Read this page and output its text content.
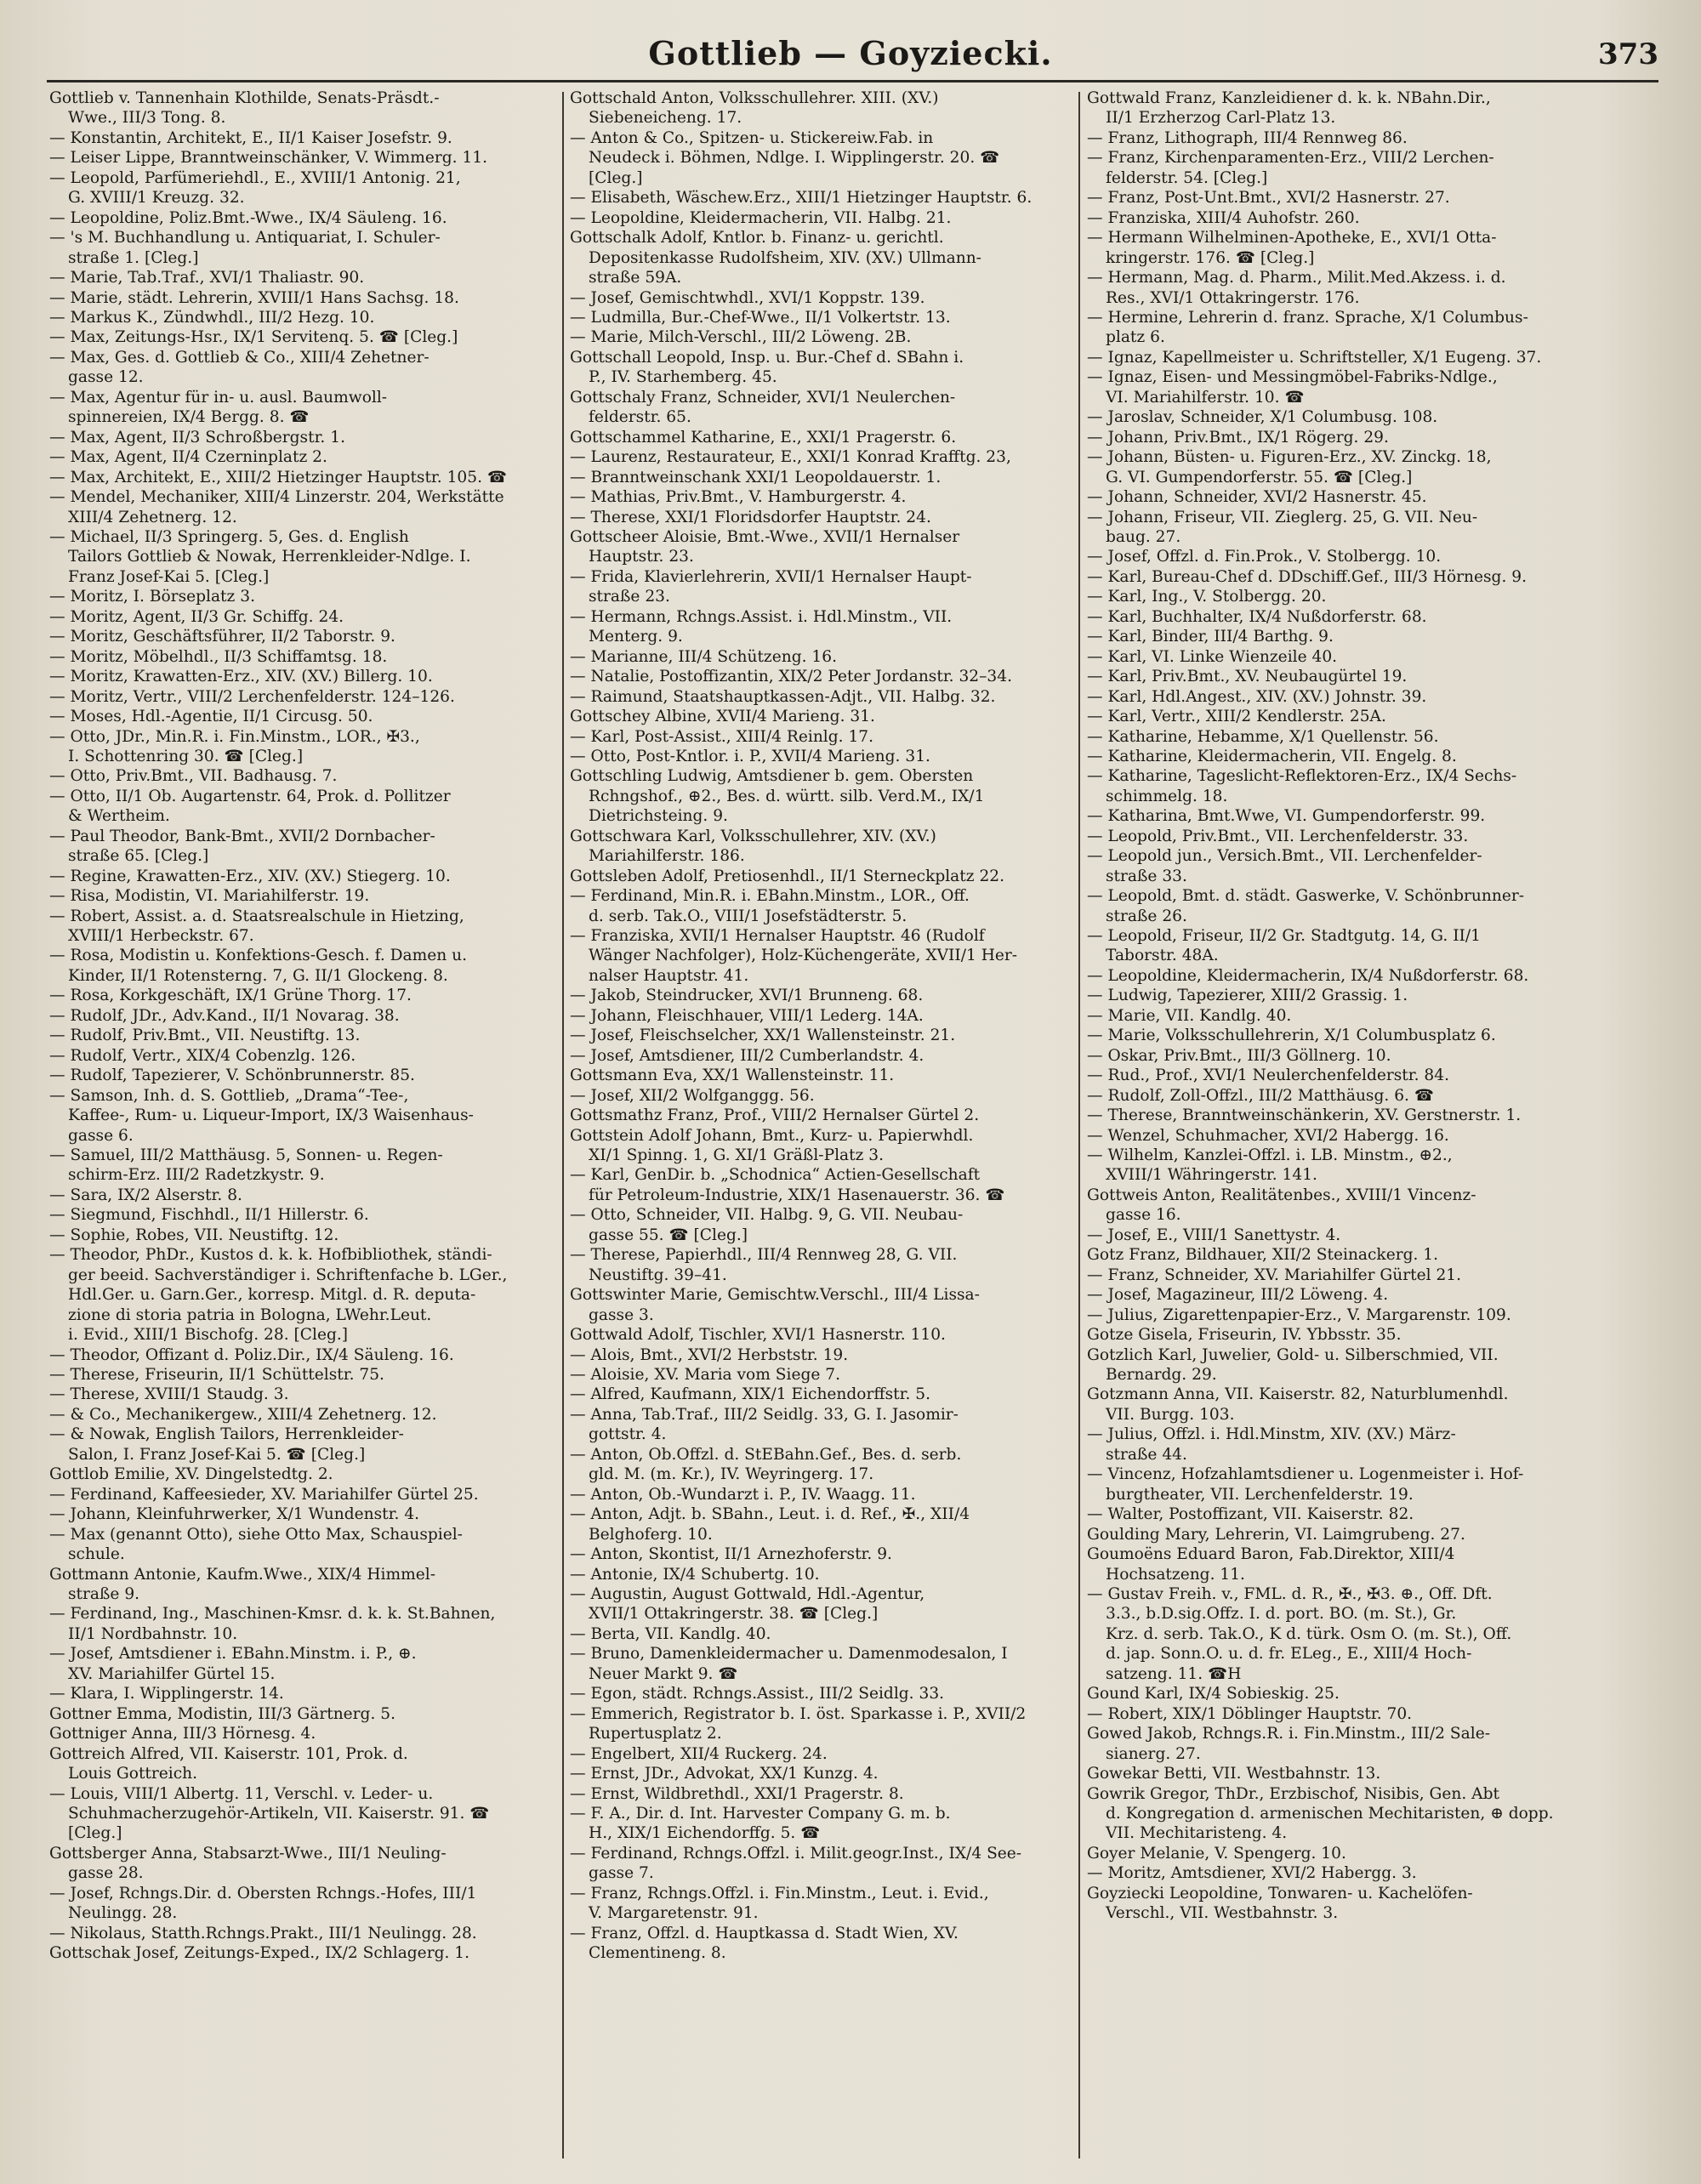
Gottlieb — Goyziecki.	373
Gottlieb v. Tannenhain Klothilde, Senats-Präsdt.-
Wwe., III/3 Tong. 8.
— Konstantin, Architekt, E., II/1 Kaiser Josefstr. 9.
— Leiser Lippe, Branntweinschänker, V. Wimmerg. 11.
— Leopold, Parfümeriehdl., E., XVIII/1 Antonig. 21,
G. XVIII/1 Kreuzg. 32.
— Leopoldine, Poliz.Bmt.-Wwe., IX/4 Säuleng. 16.
— 's M. Buchhandlung u. Antiquariat, I. Schuler-
straße 1. [Cleg.]
— Marie, Tab.Traf., XVI/1 Thaliastr. 90.
— Marie, städt. Lehrerin, XVIII/1 Hans Sachsg. 18.
— Markus K., Zündwhdl., III/2 Hezg. 10.
— Max, Zeitungs-Hsr., IX/1 Servitenq. 5. ☎ [Cleg.]
— Max, Ges. d. Gottlieb & Co., XIII/4 Zehetner-
gasse 12.
— Max, Agentur für in- u. ausl. Baumwoll-
spinnereien, IX/4 Bergg. 8. ☎
— Max, Agent, II/3 Schroßbergstr. 1.
— Max, Agent, II/4 Czerninplatz 2.
— Max, Architekt, E., XIII/2 Hietzinger Hauptstr. 105. ☎
— Mendel, Mechaniker, XIII/4 Linzerstr. 204, Werkstätte
XIII/4 Zehetnerg. 12.
— Michael, II/3 Springerg. 5, Ges. d. English
Tailors Gottlieb & Nowak, Herrenkleider-Ndlge. I.
Franz Josef-Kai 5. [Cleg.]
— Moritz, I. Börseplatz 3.
— Moritz, Agent, II/3 Gr. Schiffg. 24.
— Moritz, Geschäftsführer, II/2 Taborstr. 9.
— Moritz, Möbelhdl., II/3 Schiffamtsg. 18.
— Moritz, Krawatten-Erz., XIV. (XV.) Billerg. 10.
— Moritz, Vertr., VIII/2 Lerchenfelderstr. 124–126.
— Moses, Hdl.-Agentie, II/1 Circusg. 50.
— Otto, JDr., Min.R. i. Fin.Minstm., LOR., ✠3.,
I. Schottenring 30. ☎ [Cleg.]
— Otto, Priv.Bmt., VII. Badhausg. 7.
— Otto, II/1 Ob. Augartenstr. 64, Prok. d. Pollitzer
& Wertheim.
— Paul Theodor, Bank-Bmt., XVII/2 Dornbacher-
straße 65. [Cleg.]
— Regine, Krawatten-Erz., XIV. (XV.) Stiegerg. 10.
— Risa, Modistin, VI. Mariahilferstr. 19.
— Robert, Assist. a. d. Staatsrealschule in Hietzing,
XVIII/1 Herbeckstr. 67.
— Rosa, Modistin u. Konfektions-Gesch. f. Damen u.
Kinder, II/1 Rotensterng. 7, G. II/1 Glockeng. 8.
— Rosa, Korkgeschäft, IX/1 Grüne Thorg. 17.
— Rudolf, JDr., Adv.Kand., II/1 Novarag. 38.
— Rudolf, Priv.Bmt., VII. Neustiftg. 13.
— Rudolf, Vertr., XIX/4 Cobenzlg. 126.
— Rudolf, Tapezierer, V. Schönbrunnerstr. 85.
— Samson, Inh. d. S. Gottlieb, „Drama“-Tee-,
Kaffee-, Rum- u. Liqueur-Import, IX/3 Waisenhaus-
gasse 6.
— Samuel, III/2 Matthäusg. 5, Sonnen- u. Regen-
schirm-Erz. III/2 Radetzkystr. 9.
— Sara, IX/2 Alserstr. 8.
— Siegmund, Fischhdl., II/1 Hillerstr. 6.
— Sophie, Robes, VII. Neustiftg. 12.
— Theodor, PhDr., Kustos d. k. k. Hofbibliothek, ständi-
ger beeid. Sachverständiger i. Schriftenfache b. LGer.,
Hdl.Ger. u. Garn.Ger., korresp. Mitgl. d. R. deputa-
zione di storia patria in Bologna, LWehr.Leut.
i. Evid., XIII/1 Bischofg. 28. [Cleg.]
— Theodor, Offizant d. Poliz.Dir., IX/4 Säuleng. 16.
— Therese, Friseurin, II/1 Schüttelstr. 75.
— Therese, XVIII/1 Staudg. 3.
— & Co., Mechanikergew., XIII/4 Zehetnerg. 12.
— & Nowak, English Tailors, Herrenkleider-
Salon, I. Franz Josef-Kai 5. ☎ [Cleg.]
Gottlob Emilie, XV. Dingelstedtg. 2.
— Ferdinand, Kaffeesieder, XV. Mariahilfer Gürtel 25.
— Johann, Kleinfuhrwerker, X/1 Wundenstr. 4.
— Max (genannt Otto), siehe Otto Max, Schauspiel-
schule.
Gottmann Antonie, Kaufm.Wwe., XIX/4 Himmel-
straße 9.
— Ferdinand, Ing., Maschinen-Kmsr. d. k. k. St.Bahnen,
II/1 Nordbahnstr. 10.
— Josef, Amtsdiener i. EBahn.Minstm. i. P., ⊕.
XV. Mariahilfer Gürtel 15.
— Klara, I. Wipplingerstr. 14.
Gottner Emma, Modistin, III/3 Gärtnerg. 5.
Gottniger Anna, III/3 Hörnesg. 4.
Gottreich Alfred, VII. Kaiserstr. 101, Prok. d.
Louis Gottreich.
— Louis, VIII/1 Albertg. 11, Verschl. v. Leder- u.
Schuhmacherzugehör-Artikeln, VII. Kaiserstr. 91. ☎
[Cleg.]
Gottsberger Anna, Stabsarzt-Wwe., III/1 Neuling-
gasse 28.
— Josef, Rchngs.Dir. d. Obersten Rchngs.-Hofes, III/1
Neulingg. 28.
— Nikolaus, Statth.Rchngs.Prakt., III/1 Neulingg. 28.
Gottschak Josef, Zeitungs-Exped., IX/2 Schlagerg. 1.
Gottschald Anton, Volksschullehrer. XIII. (XV.)
Siebeneicheng. 17.
— Anton & Co., Spitzen- u. Stickereiw.Fab. in
Neudeck i. Böhmen, Ndlge. I. Wipplingerstr. 20. ☎
[Cleg.]
— Elisabeth, Wäschew.Erz., XIII/1 Hietzinger Hauptstr. 6.
— Leopoldine, Kleidermacherin, VII. Halbg. 21.
Gottschalk Adolf, Kntlor. b. Finanz- u. gerichtl.
Depositenkasse Rudolfsheim, XIV. (XV.) Ullmann-
straße 59A.
— Josef, Gemischtwhdl., XVI/1 Koppstr. 139.
— Ludmilla, Bur.-Chef-Wwe., II/1 Volkertstr. 13.
— Marie, Milch-Verschl., III/2 Löweng. 2B.
Gottschall Leopold, Insp. u. Bur.-Chef d. SBahn i.
P., IV. Starhemberg. 45.
Gottschaly Franz, Schneider, XVI/1 Neulerchen-
felderstr. 65.
Gottschammel Katharine, E., XXI/1 Pragerstr. 6.
— Laurenz, Restaurateur, E., XXI/1 Konrad Krafftg. 23,
— Branntweinschank XXI/1 Leopoldauerstr. 1.
— Mathias, Priv.Bmt., V. Hamburgerstr. 4.
— Therese, XXI/1 Floridsdorfer Hauptstr. 24.
Gottscheer Aloisie, Bmt.-Wwe., XVII/1 Hernalser
Hauptstr. 23.
— Frida, Klavierlehrerin, XVII/1 Hernalser Haupt-
straße 23.
— Hermann, Rchngs.Assist. i. Hdl.Minstm., VII.
Menterg. 9.
— Marianne, III/4 Schützeng. 16.
— Natalie, Postoffizantin, XIX/2 Peter Jordanstr. 32–34.
— Raimund, Staatshauptkassen-Adjt., VII. Halbg. 32.
Gottschey Albine, XVII/4 Marieng. 31.
— Karl, Post-Assist., XIII/4 Reinlg. 17.
— Otto, Post-Kntlor. i. P., XVII/4 Marieng. 31.
Gottschling Ludwig, Amtsdiener b. gem. Obersten
Rchngshof., ⊕2., Bes. d. württ. silb. Verd.M., IX/1
Dietrichsteing. 9.
Gottschwara Karl, Volksschullehrer, XIV. (XV.)
Mariahilferstr. 186.
Gottsleben Adolf, Pretiosenhdl., II/1 Sterneckplatz 22.
— Ferdinand, Min.R. i. EBahn.Minstm., LOR., Off.
d. serb. Tak.O., VIII/1 Josefstädterstr. 5.
— Franziska, XVII/1 Hernalser Hauptstr. 46 (Rudolf
Wänger Nachfolger), Holz-Küchengeräte, XVII/1 Her-
nalser Hauptstr. 41.
— Jakob, Steindrucker, XVI/1 Brunneng. 68.
— Johann, Fleischhauer, VIII/1 Lederg. 14A.
— Josef, Fleischselcher, XX/1 Wallensteinstr. 21.
— Josef, Amtsdiener, III/2 Cumberlandstr. 4.
Gottsmann Eva, XX/1 Wallensteinstr. 11.
— Josef, XII/2 Wolfganggg. 56.
Gottsmathz Franz, Prof., VIII/2 Hernalser Gürtel 2.
Gottstein Adolf Johann, Bmt., Kurz- u. Papierwhdl.
XI/1 Spinng. 1, G. XI/1 Gräßl-Platz 3.
— Karl, GenDir. b. „Schodnica“ Actien-Gesellschaft
für Petroleum-Industrie, XIX/1 Hasenauerstr. 36. ☎
— Otto, Schneider, VII. Halbg. 9, G. VII. Neubau-
gasse 55. ☎ [Cleg.]
— Therese, Papierhdl., III/4 Rennweg 28, G. VII.
Neustiftg. 39–41.
Gottswinter Marie, Gemischtw.Verschl., III/4 Lissa-
gasse 3.
Gottwald Adolf, Tischler, XVI/1 Hasnerstr. 110.
— Alois, Bmt., XVI/2 Herbststr. 19.
— Aloisie, XV. Maria vom Siege 7.
— Alfred, Kaufmann, XIX/1 Eichendorffstr. 5.
— Anna, Tab.Traf., III/2 Seidlg. 33, G. I. Jasomir-
gottstr. 4.
— Anton, Ob.Offzl. d. StEBahn.Gef., Bes. d. serb.
gld. M. (m. Kr.), IV. Weyringerg. 17.
— Anton, Ob.-Wundarzt i. P., IV. Waagg. 11.
— Anton, Adjt. b. SBahn., Leut. i. d. Ref., ✠., XII/4
Belghoferg. 10.
— Anton, Skontist, II/1 Arnezhoferstr. 9.
— Antonie, IX/4 Schubertg. 10.
— Augustin, August Gottwald, Hdl.-Agentur,
XVII/1 Ottakringerstr. 38. ☎ [Cleg.]
— Berta, VII. Kandlg. 40.
— Bruno, Damenkleidermacher u. Damenmodesalon, I
Neuer Markt 9. ☎
— Egon, städt. Rchngs.Assist., III/2 Seidlg. 33.
— Emmerich, Registrator b. I. öst. Sparkasse i. P., XVII/2
Rupertusplatz 2.
— Engelbert, XII/4 Ruckerg. 24.
— Ernst, JDr., Advokat, XX/1 Kunzg. 4.
— Ernst, Wildbrethdl., XXI/1 Pragerstr. 8.
— F. A., Dir. d. Int. Harvester Company G. m. b.
H., XIX/1 Eichendorffg. 5. ☎
— Ferdinand, Rchngs.Offzl. i. Milit.geogr.Inst., IX/4 See-
gasse 7.
— Franz, Rchngs.Offzl. i. Fin.Minstm., Leut. i. Evid.,
V. Margaretenstr. 91.
— Franz, Offzl. d. Hauptkassa d. Stadt Wien, XV.
Clementineng. 8.
Gottwald Franz, Kanzleidiener d. k. k. NBahn.Dir.,
II/1 Erzherzog Carl-Platz 13.
— Franz, Lithograph, III/4 Rennweg 86.
— Franz, Kirchenparamenten-Erz., VIII/2 Lerchen-
felderstr. 54. [Cleg.]
— Franz, Post-Unt.Bmt., XVI/2 Hasnerstr. 27.
— Franziska, XIII/4 Auhofstr. 260.
— Hermann Wilhelminen-Apotheke, E., XVI/1 Otta-
kringerstr. 176. ☎ [Cleg.]
— Hermann, Mag. d. Pharm., Milit.Med.Akzess. i. d.
Res., XVI/1 Ottakringerstr. 176.
— Hermine, Lehrerin d. franz. Sprache, X/1 Columbus-
platz 6.
— Ignaz, Kapellmeister u. Schriftsteller, X/1 Eugeng. 37.
— Ignaz, Eisen- und Messingmöbel-Fabriks-Ndlge.,
VI. Mariahilferstr. 10. ☎
— Jaroslav, Schneider, X/1 Columbusg. 108.
— Johann, Priv.Bmt., IX/1 Rögerg. 29.
— Johann, Büsten- u. Figuren-Erz., XV. Zinckg. 18,
G. VI. Gumpendorferstr. 55. ☎ [Cleg.]
— Johann, Schneider, XVI/2 Hasnerstr. 45.
— Johann, Friseur, VII. Zieglerg. 25, G. VII. Neu-
baug. 27.
— Josef, Offzl. d. Fin.Prok., V. Stolbergg. 10.
— Karl, Bureau-Chef d. DDschiff.Gef., III/3 Hörnesg. 9.
— Karl, Ing., V. Stolbergg. 20.
— Karl, Buchhalter, IX/4 Nußdorferstr. 68.
— Karl, Binder, III/4 Barthg. 9.
— Karl, VI. Linke Wienzeile 40.
— Karl, Priv.Bmt., XV. Neubaugürtel 19.
— Karl, Hdl.Angest., XIV. (XV.) Johnstr. 39.
— Karl, Vertr., XIII/2 Kendlerstr. 25A.
— Katharine, Hebamme, X/1 Quellenstr. 56.
— Katharine, Kleidermacherin, VII. Engelg. 8.
— Katharine, Tageslicht-Reflektoren-Erz., IX/4 Sechs-
schimmelg. 18.
— Katharina, Bmt.Wwe, VI. Gumpendorferstr. 99.
— Leopold, Priv.Bmt., VII. Lerchenfelderstr. 33.
— Leopold jun., Versich.Bmt., VII. Lerchenfelder-
straße 33.
— Leopold, Bmt. d. städt. Gaswerke, V. Schönbrunner-
straße 26.
— Leopold, Friseur, II/2 Gr. Stadtgutg. 14, G. II/1
Taborstr. 48A.
— Leopoldine, Kleidermacherin, IX/4 Nußdorferstr. 68.
— Ludwig, Tapezierer, XIII/2 Grassig. 1.
— Marie, VII. Kandlg. 40.
— Marie, Volksschullehrerin, X/1 Columbusplatz 6.
— Oskar, Priv.Bmt., III/3 Göllnerg. 10.
— Rud., Prof., XVI/1 Neulerchenfelderstr. 84.
— Rudolf, Zoll-Offzl., III/2 Matthäusg. 6. ☎
— Therese, Branntweinschänkerin, XV. Gerstnerstr. 1.
— Wenzel, Schuhmacher, XVI/2 Habergg. 16.
— Wilhelm, Kanzlei-Offzl. i. LB. Minstm., ⊕2.,
XVIII/1 Währingerstr. 141.
Gottweis Anton, Realitätenbes., XVIII/1 Vincenz-
gasse 16.
— Josef, E., VIII/1 Sanettystr. 4.
Gotz Franz, Bildhauer, XII/2 Steinackerg. 1.
— Franz, Schneider, XV. Mariahilfer Gürtel 21.
— Josef, Magazineur, III/2 Löweng. 4.
— Julius, Zigarettenpapier-Erz., V. Margarenstr. 109.
Gotze Gisela, Friseurin, IV. Ybbsstr. 35.
Gotzlich Karl, Juwelier, Gold- u. Silberschmied, VII.
Bernardg. 29.
Gotzmann Anna, VII. Kaiserstr. 82, Naturblumenhdl.
VII. Burgg. 103.
— Julius, Offzl. i. Hdl.Minstm, XIV. (XV.) März-
straße 44.
— Vincenz, Hofzahlamtsdiener u. Logenmeister i. Hof-
burgtheater, VII. Lerchenfelderstr. 19.
— Walter, Postoffizant, VII. Kaiserstr. 82.
Goulding Mary, Lehrerin, VI. Laimgrubeng. 27.
Goumoëns Eduard Baron, Fab.Direktor, XIII/4
Hochsatzeng. 11.
— Gustav Freih. v., FML. d. R., ✠., ✠3. ⊕., Off. Dft.
3.3., b.D.sig.Offz. I. d. port. BO. (m. St.), Gr.
Krz. d. serb. Tak.O., K d. türk. Osm O. (m. St.), Off.
d. jap. Sonn.O. u. d. fr. ELeg., E., XIII/4 Hoch-
satzeng. 11. ☎H
Gound Karl, IX/4 Sobieskig. 25.
— Robert, XIX/1 Döblinger Hauptstr. 70.
Gowed Jakob, Rchngs.R. i. Fin.Minstm., III/2 Sale-
sianerg. 27.
Gowekar Betti, VII. Westbahnstr. 13.
Gowrik Gregor, ThDr., Erzbischof, Nisibis, Gen. Abt
d. Kongregation d. armenischen Mechitaristen, ⊕ dopp.
VII. Mechitaristeng. 4.
Goyer Melanie, V. Spengerg. 10.
— Moritz, Amtsdiener, XVI/2 Habergg. 3.
Goyziecki Leopoldine, Tonwaren- u. Kachelöfen-
Verschl., VII. Westbahnstr. 3.
